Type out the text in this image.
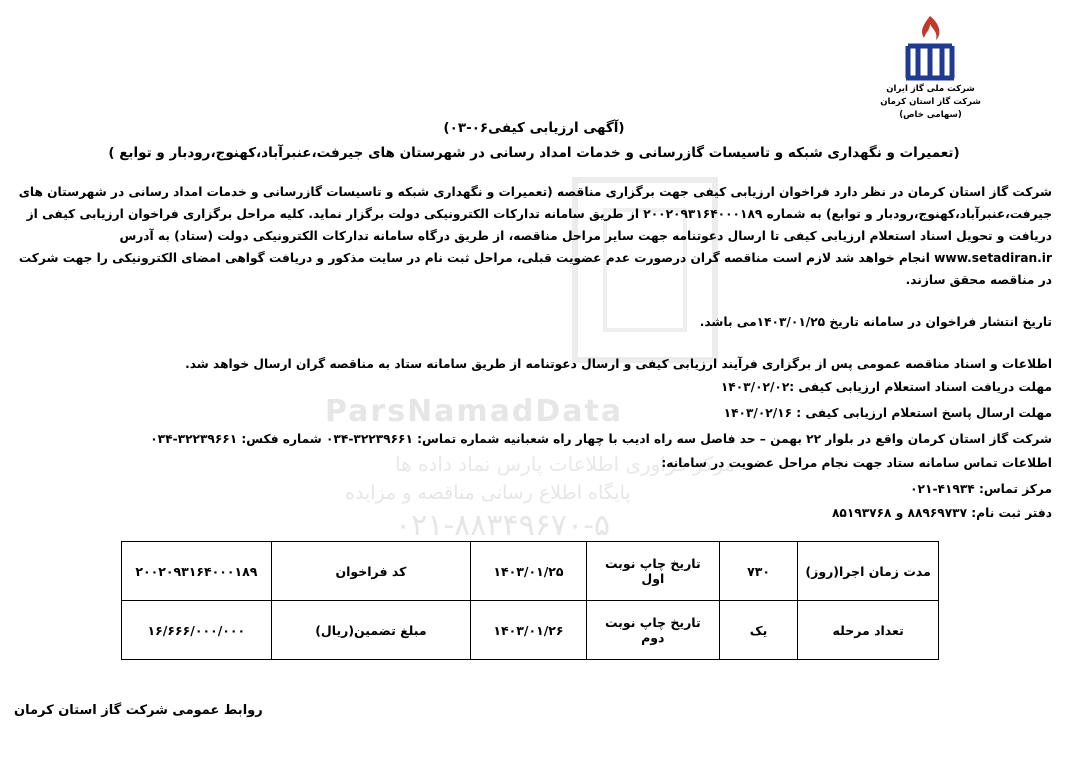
شرکت ملی گاز ایران
شرکت گاز استان کرمان
(سهامی خاص)
ParsNamadData
مرکز فراوری اطلاعات پارس نماد داده ها
پایگاه اطلاع رسانی مناقصه و مزایده
۰۲۱-۸۸۳۴۹۶۷۰-۵
(آگهی ارزیابی کیفی۰۶-۰۳)
(تعمیرات و نگهداری شبکه و تاسیسات گازرسانی و خدمات امداد رسانی در شهرستان های جیرفت،عنبرآباد،کهنوج،رودبار و توابع )
شرکت گاز استان کرمان در نظر دارد فراخوان ارزیابی کیفی جهت برگزاری مناقصه (تعمیرات و نگهداری شبکه و تاسیسات گازرسانی و خدمات امداد رسانی در شهرستان های جیرفت،عنبرآباد،کهنوج،رودبار و توابع) به شماره ۲۰۰۲۰۹۳۱۶۴۰۰۰۱۸۹ از طریق سامانه تدارکات الکترونیکی دولت برگزار نماید. کلیه مراحل برگزاری فراخوان ارزیابی کیفی از دریافت و تحویل اسناد استعلام ارزیابی کیفی تا ارسال دعوتنامه جهت سایر مراحل مناقصه، از طریق درگاه سامانه تدارکات الکترونیکی دولت (ستاد) به آدرس www.setadiran.ir انجام خواهد شد لازم است مناقصه گران درصورت عدم عضویت قبلی، مراحل ثبت نام در سایت مذکور و دریافت گواهی امضای الکترونیکی را جهت شرکت در مناقصه محقق سازند.
تاریخ انتشار فراخوان در سامانه تاریخ ۱۴۰۳/۰۱/۲۵می باشد.
اطلاعات و اسناد مناقصه عمومی پس از برگزاری فرآیند ارزیابی کیفی و ارسال دعوتنامه از طریق سامانه ستاد به مناقصه گران ارسال خواهد شد.
مهلت دریافت اسناد استعلام ارزیابی کیفی :۱۴۰۳/۰۲/۰۲
مهلت ارسال پاسخ استعلام ارزیابی کیفی : ۱۴۰۳/۰۲/۱۶
شرکت گاز استان کرمان واقع در بلوار ۲۲ بهمن – حد فاصل سه راه ادیب با چهار راه شعبانیه شماره تماس: ۳۲۲۳۹۶۶۱-۰۳۴ شماره فکس: ۳۲۲۳۹۶۶۱-۰۳۴
اطلاعات تماس سامانه ستاد جهت نجام مراحل عضویت در سامانه:
مرکز تماس: ۴۱۹۳۴-۰۲۱
دفتر ثبت نام: ۸۸۹۶۹۷۳۷ و ۸۵۱۹۳۷۶۸
۲۰۰۲۰۹۳۱۶۴۰۰۰۱۸۹	کد فراخوان	۱۴۰۳/۰۱/۲۵	تاریخ چاپ نوبت اول	۷۳۰	مدت زمان اجرا(روز)
۱۶/۶۶۶/۰۰۰/۰۰۰	مبلغ تضمین(ریال)	۱۴۰۳/۰۱/۲۶	تاریخ چاپ نوبت دوم	یک	تعداد مرحله
روابط عمومی شرکت گاز استان کرمان
